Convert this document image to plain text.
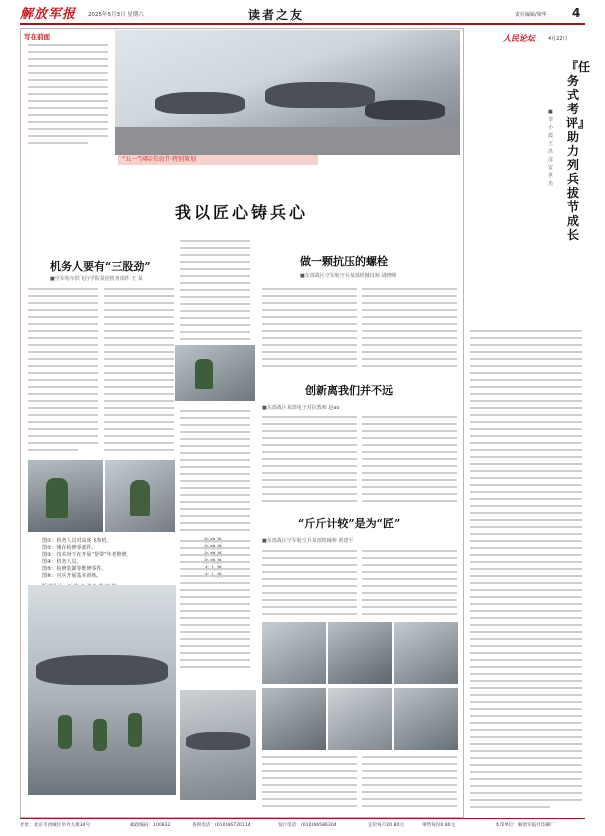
解放军报 2025年5月3日 星期六	读者之友	责任编辑/梁华 4
写在前面
“五一”国际劳动节·特别策划
我以匠心铸兵心
机务人要有“三股劲”
■空军哈尔滨飞行学院某团机务部件 王 某
图①：机务人员对高度飞参机。
图②：刚在检修零部件。
图③：技术骨干在开展“帮带”年老维修。
图④：机务人员。
图⑤：检修装卸等维修零件。
图⑥：官兵开展基本训练。
做一颗抗压的螺栓
■东部战区空军航空兵某部机械技师 胡晓峰
创新离我们并不远
■东部战区某部电子对抗教师 赵ao
“斤斤计较”是为“匠”
■东部战区空军航空兵某部机械师 黄建平
人民论坛	4月22日
『任务式考评』助力列兵拔节成长
■ 李 小 霞 王 洪 彦 安 世 杰
社址：北京市西城区阜外大街34号	邮政编码：100832	查询电话：(010)66720114	发行电话：(010)66586304	定价每月20.80元	零售每份0.80元	本印单位：解放军报社印刷厂
